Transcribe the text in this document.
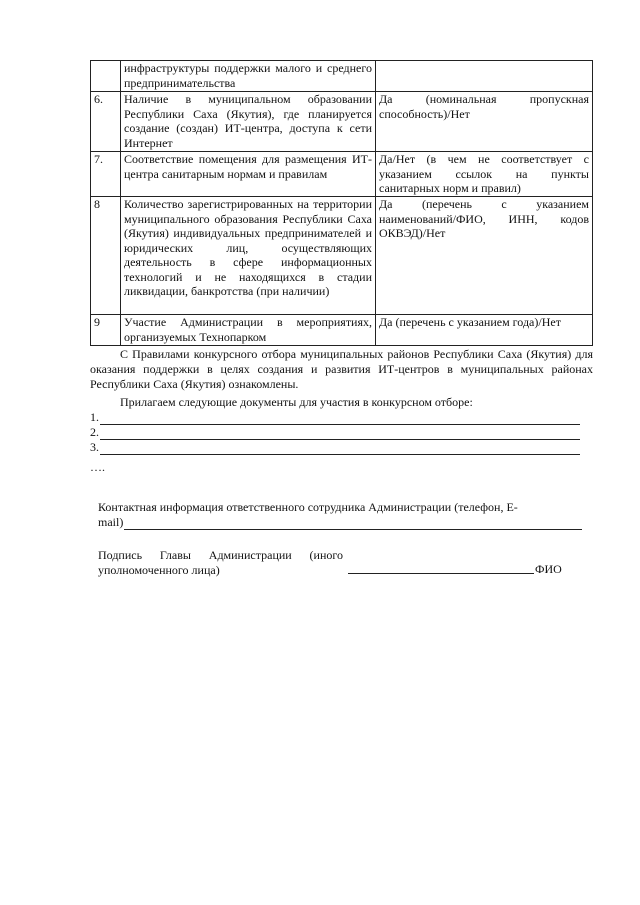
	инфраструктуры поддержки малого и среднего предпринимательства	
6.	Наличие в муниципальном образовании Республики Саха (Якутия), где планируется создание (создан) ИТ-центра, доступа к сети Интернет	Да (номинальная пропускная способность)/Нет
7.	Соответствие помещения для размещения ИТ-центра санитарным нормам и правилам	Да/Нет (в чем не соответствует с указанием ссылок на пункты санитарных норм и правил)
8	Количество зарегистрированных на территории муниципального образования Республики Саха (Якутия) индивидуальных предпринимателей и юридических лиц, осуществляющих деятельность в сфере информационных технологий и не находящихся в стадии ликвидации, банкротства (при наличии)	Да (перечень с указанием наименований/ФИО, ИНН, кодов ОКВЭД)/Нет
9	Участие Администрации в мероприятиях, организуемых Технопарком	Да (перечень с указанием года)/Нет

С Правилами конкурсного отбора муниципальных районов Республики Саха (Якутия) для оказания поддержки в целях создания и развития ИТ-центров в муниципальных районах Республики Саха (Якутия) ознакомлены.

Прилагаем следующие документы для участия в конкурсном отборе:

1.
2.
3.
….
Контактная информация ответственного сотрудника Администрации (телефон, E-
mail)
Подпись Главы Администрации (иного
уполномоченного лица)	ФИО
